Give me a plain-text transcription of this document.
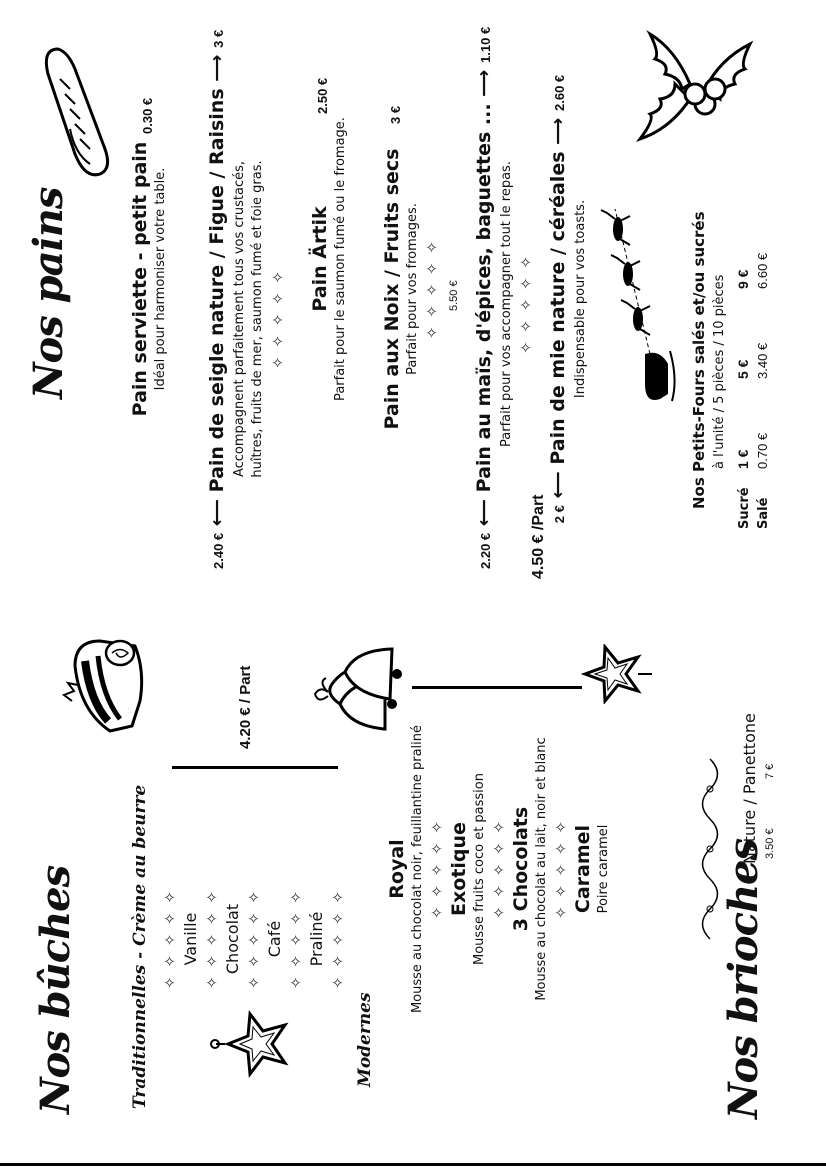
Nos bûches	Traditionnelles - Crème au beurre ✧ ✧ ✧ ✧ ✧ Vanille ✧ ✧ ✧ ✧ ✧ Chocolat ✧ ✧ ✧ ✧ ✧ Café ✧ ✧ ✧ ✧ ✧ Praliné ✧ ✧ ✧ ✧ ✧
4.20 € / Part
Modernes
Royal Mousse au chocolat noir, feuillantine praliné ✧ ✧ ✧ ✧ ✧ Exotique Mousse fruits coco et passion ✧ ✧ ✧ ✧ ✧ 3 Chocolats Mousse au chocolat au lait, noir et blanc ✧ ✧ ✧ ✧ ✧ Caramel Poire caramel
4.50 € /Part
Nos brioches
Nature / Panettone 3.50 €
7 €
Nos pains	Pain serviette - petit pain Idéal pour harmoniser votre table.
0.30 €
2.40 € ⟵ Pain de seigle nature / Figue / Raisins ⟶ 3 €
Accompagnent parfaitement tous vos crustacés, huîtres, fruits de mer, saumon fumé et foie gras. ✧ ✧ ✧ ✧ ✧
Pain Ärtik Parfait pour le saumon fumé ou le fromage.
2.50 €
Pain aux Noix / Fruits secs Parfait pour vos fromages. ✧ ✧ ✧ ✧ ✧
3 €
5.50 €
2.20 € ⟵ Pain au maïs, d'épices, baguettes ... ⟶ 1.10 €
Parfait pour vos accompagner tout le repas. ✧ ✧ ✧ ✧ ✧
2 € ⟵ Pain de mie nature / céréales ⟶ 2.60 €
Indispensable pour vos toasts.	Nos Petits-Fours salés et/ou sucrés à l'unité / 5 pièces / 10 pièces
Sucré
1 €
5 €
9 €
Salé
0.70 €
3.40 €
6.60 €
